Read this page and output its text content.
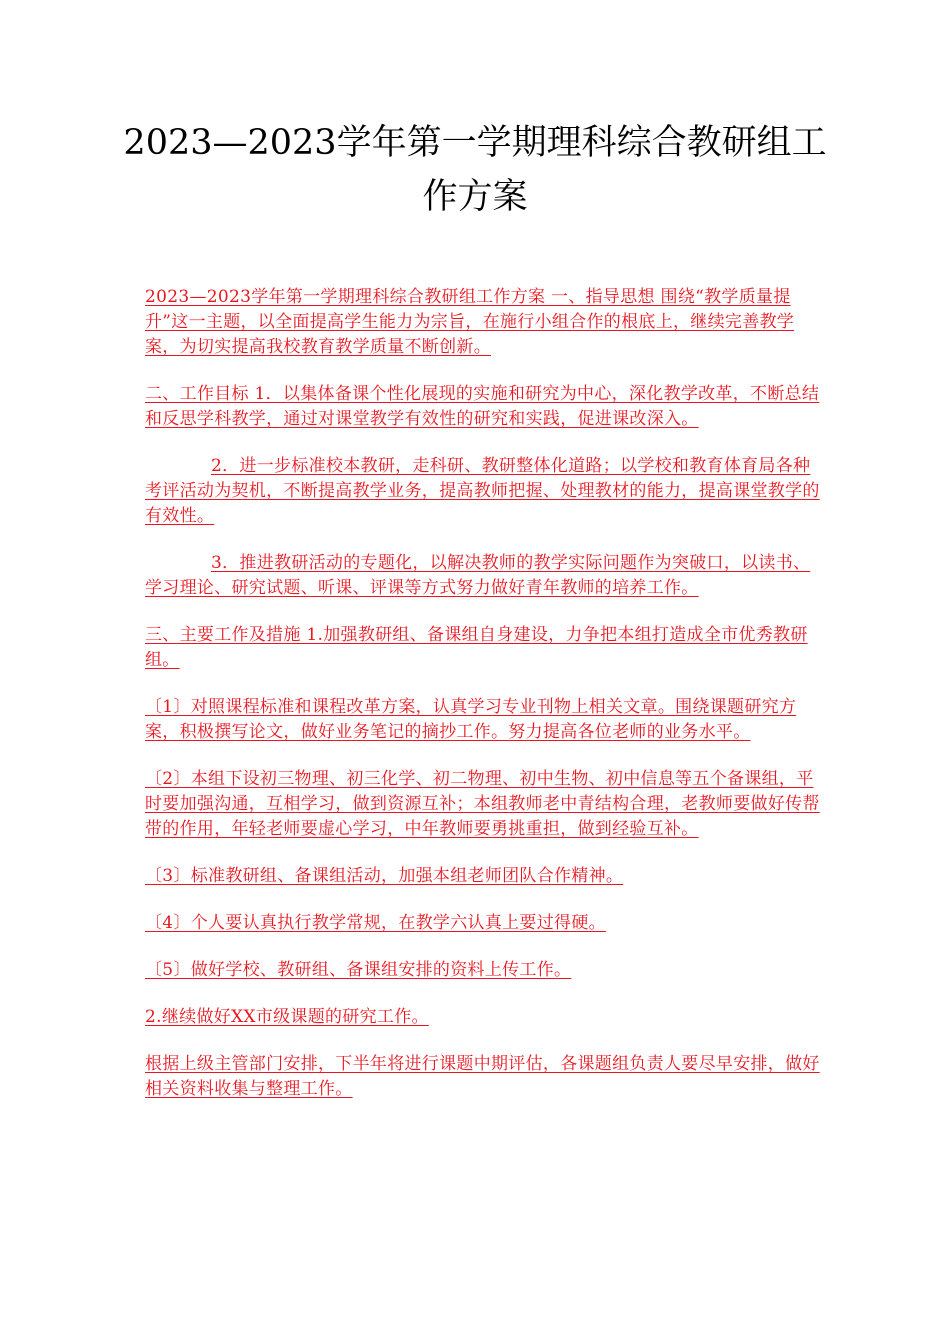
2023—2023学年第一学期理科综合教研组工作方案

2023—2023学年第一学期理科综合教研组工作方案 一、指导思想 围绕“教学质量提升”这一主题，以全面提高学生能力为宗旨，在施行小组合作的根底上，继续完善教学案，为切实提高我校教育教学质量不断创新。

二、工作目标 1．以集体备课个性化展现的实施和研究为中心，深化教学改革，不断总结和反思学科教学，通过对课堂教学有效性的研究和实践，促进课改深入。

2．进一步标准校本教研，走科研、教研整体化道路；以学校和教育体育局各种考评活动为契机，不断提高教学业务，提高教师把握、处理教材的能力，提高课堂教学的有效性。

3．推进教研活动的专题化，以解决教师的教学实际问题作为突破口，以读书、学习理论、研究试题、听课、评课等方式努力做好青年教师的培养工作。

三、主要工作及措施 1.加强教研组、备课组自身建设，力争把本组打造成全市优秀教研组。

〔1〕对照课程标准和课程改革方案，认真学习专业刊物上相关文章。围绕课题研究方案，积极撰写论文，做好业务笔记的摘抄工作。努力提高各位老师的业务水平。

〔2〕本组下设初三物理、初三化学、初二物理、初中生物、初中信息等五个备课组，平时要加强沟通，互相学习，做到资源互补；本组教师老中青结构合理，老教师要做好传帮带的作用，年轻老师要虚心学习，中年教师要勇挑重担，做到经验互补。

〔3〕标准教研组、备课组活动，加强本组老师团队合作精神。

〔4〕个人要认真执行教学常规，在教学六认真上要过得硬。

〔5〕做好学校、教研组、备课组安排的资料上传工作。

2.继续做好XX市级课题的研究工作。

根据上级主管部门安排，下半年将进行课题中期评估，各课题组负责人要尽早安排，做好相关资料收集与整理工作。
